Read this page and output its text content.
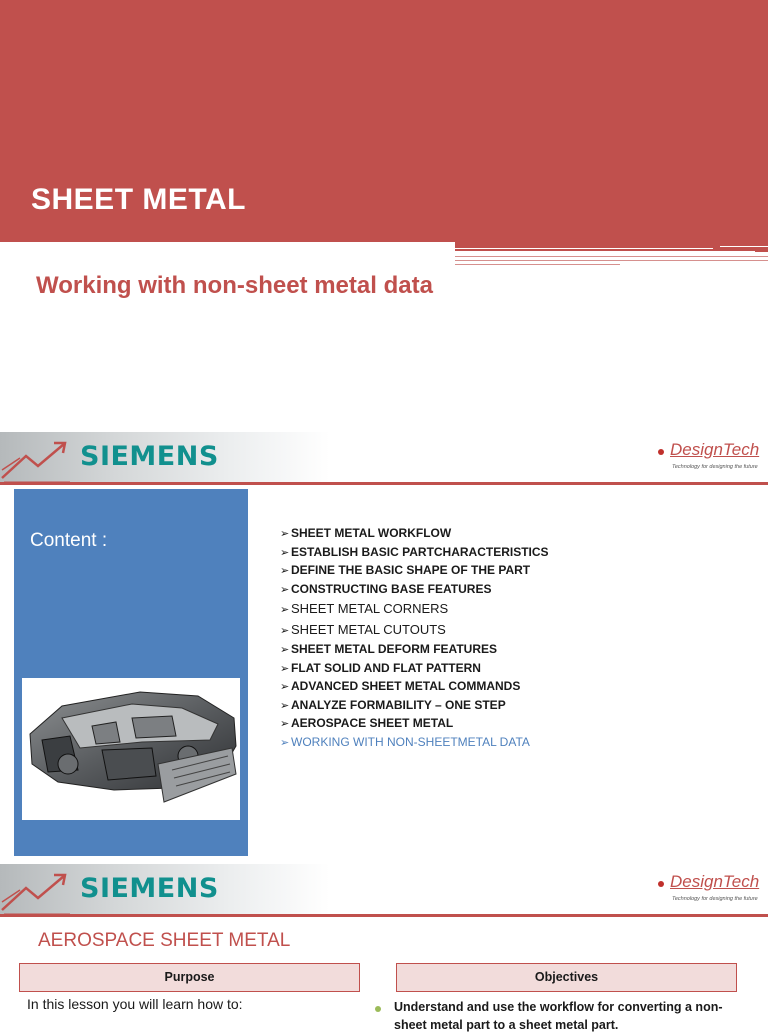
SHEET METAL
Working with non-sheet metal data
SIEMENS	DesignTech
Technology for designing the future
Content :	➢ SHEET METAL WORKFLOW
➢ ESTABLISH BASIC PARTCHARACTERISTICS
➢ DEFINE THE BASIC SHAPE OF THE PART
➢ CONSTRUCTING BASE FEATURES
➢ SHEET METAL CORNERS
➢ SHEET METAL CUTOUTS
➢ SHEET METAL DEFORM FEATURES
➢ FLAT SOLID AND FLAT PATTERN
➢ ADVANCED SHEET METAL COMMANDS
➢ ANALYZE FORMABILITY – ONE STEP
➢ AEROSPACE SHEET METAL
➢ WORKING WITH NON-SHEETMETAL DATA
SIEMENS	DesignTech
Technology for designing the future
AEROSPACE SHEET METAL
Purpose	Objectives
In this lesson you will learn how to:	Understand and use the workflow for converting a non-sheet metal part to a sheet metal part.
